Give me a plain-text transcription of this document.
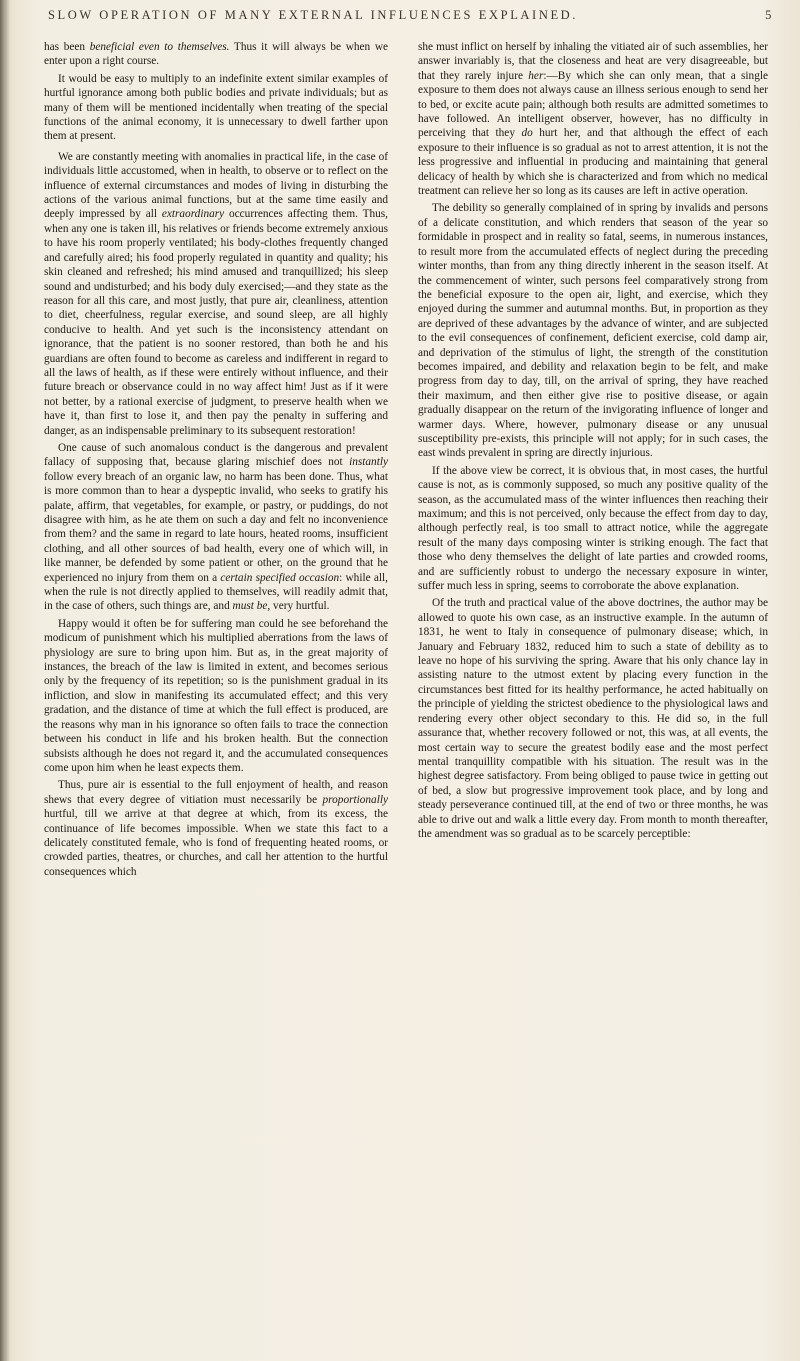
SLOW OPERATION OF MANY EXTERNAL INFLUENCES EXPLAINED.	5

has been beneficial even to themselves. Thus it will always be when we enter upon a right course.

It would be easy to multiply to an indefinite extent similar examples of hurtful ignorance among both public bodies and private individuals; but as many of them will be mentioned incidentally when treating of the special functions of the animal economy, it is unnecessary to dwell farther upon them at present.

We are constantly meeting with anomalies in practical life, in the case of individuals little accustomed, when in health, to observe or to reflect on the influence of external circumstances and modes of living in disturbing the actions of the various animal functions, but at the same time easily and deeply impressed by all extraordinary occurrences affecting them. Thus, when any one is taken ill, his relatives or friends become extremely anxious to have his room properly ventilated; his body-clothes frequently changed and carefully aired; his food properly regulated in quantity and quality; his skin cleaned and refreshed; his mind amused and tranquillized; his sleep sound and undisturbed; and his body duly exercised;—and they state as the reason for all this care, and most justly, that pure air, cleanliness, attention to diet, cheerfulness, regular exercise, and sound sleep, are all highly conducive to health. And yet such is the inconsistency attendant on ignorance, that the patient is no sooner restored, than both he and his guardians are often found to become as careless and indifferent in regard to all the laws of health, as if these were entirely without influence, and their future breach or observance could in no way affect him! Just as if it were not better, by a rational exercise of judgment, to preserve health when we have it, than first to lose it, and then pay the penalty in suffering and danger, as an indispensable preliminary to its subsequent restoration!

One cause of such anomalous conduct is the dangerous and prevalent fallacy of supposing that, because glaring mischief does not instantly follow every breach of an organic law, no harm has been done. Thus, what is more common than to hear a dyspeptic invalid, who seeks to gratify his palate, affirm, that vegetables, for example, or pastry, or puddings, do not disagree with him, as he ate them on such a day and felt no inconvenience from them? and the same in regard to late hours, heated rooms, insufficient clothing, and all other sources of bad health, every one of which will, in like manner, be defended by some patient or other, on the ground that he experienced no injury from them on a certain specified occasion: while all, when the rule is not directly applied to themselves, will readily admit that, in the case of others, such things are, and must be, very hurtful.

Happy would it often be for suffering man could he see beforehand the modicum of punishment which his multiplied aberrations from the laws of physiology are sure to bring upon him. But as, in the great majority of instances, the breach of the law is limited in extent, and becomes serious only by the frequency of its repetition; so is the punishment gradual in its infliction, and slow in manifesting its accumulated effect; and this very gradation, and the distance of time at which the full effect is produced, are the reasons why man in his ignorance so often fails to trace the connection between his conduct in life and his broken health. But the connection subsists although he does not regard it, and the accumulated consequences come upon him when he least expects them.

Thus, pure air is essential to the full enjoyment of health, and reason shews that every degree of vitiation must necessarily be proportionally hurtful, till we arrive at that degree at which, from its excess, the continuance of life becomes impossible. When we state this fact to a delicately constituted female, who is fond of frequenting heated rooms, or crowded parties, theatres, or churches, and call her attention to the hurtful consequences which

she must inflict on herself by inhaling the vitiated air of such assemblies, her answer invariably is, that the closeness and heat are very disagreeable, but that they rarely injure her:—By which she can only mean, that a single exposure to them does not always cause an illness serious enough to send her to bed, or excite acute pain; although both results are admitted sometimes to have followed. An intelligent observer, however, has no difficulty in perceiving that they do hurt her, and that although the effect of each exposure to their influence is so gradual as not to arrest attention, it is not the less progressive and influential in producing and maintaining that general delicacy of health by which she is characterized and from which no medical treatment can relieve her so long as its causes are left in active operation.

The debility so generally complained of in spring by invalids and persons of a delicate constitution, and which renders that season of the year so formidable in prospect and in reality so fatal, seems, in numerous instances, to result more from the accumulated effects of neglect during the preceding winter months, than from any thing directly inherent in the season itself. At the commencement of winter, such persons feel comparatively strong from the beneficial exposure to the open air, light, and exercise, which they enjoyed during the summer and autumnal months. But, in proportion as they are deprived of these advantages by the advance of winter, and are subjected to the evil consequences of confinement, deficient exercise, cold damp air, and deprivation of the stimulus of light, the strength of the constitution becomes impaired, and debility and relaxation begin to be felt, and make progress from day to day, till, on the arrival of spring, they have reached their maximum, and then either give rise to positive disease, or again gradually disappear on the return of the invigorating influence of longer and warmer days. Where, however, pulmonary disease or any unusual susceptibility pre-exists, this principle will not apply; for in such cases, the east winds prevalent in spring are directly injurious.

If the above view be correct, it is obvious that, in most cases, the hurtful cause is not, as is commonly supposed, so much any positive quality of the season, as the accumulated mass of the winter influences then reaching their maximum; and this is not perceived, only because the effect from day to day, although perfectly real, is too small to attract notice, while the aggregate result of the many days composing winter is striking enough. The fact that those who deny themselves the delight of late parties and crowded rooms, and are sufficiently robust to undergo the necessary exposure in winter, suffer much less in spring, seems to corroborate the above explanation.

Of the truth and practical value of the above doctrines, the author may be allowed to quote his own case, as an instructive example. In the autumn of 1831, he went to Italy in consequence of pulmonary disease; which, in January and February 1832, reduced him to such a state of debility as to leave no hope of his surviving the spring. Aware that his only chance lay in assisting nature to the utmost extent by placing every function in the circumstances best fitted for its healthy performance, he acted habitually on the principle of yielding the strictest obedience to the physiological laws and rendering every other object secondary to this. He did so, in the full assurance that, whether recovery followed or not, this was, at all events, the most certain way to secure the greatest bodily ease and the most perfect mental tranquillity compatible with his situation. The result was in the highest degree satisfactory. From being obliged to pause twice in getting out of bed, a slow but progressive improvement took place, and by long and steady perseverance continued till, at the end of two or three months, he was able to drive out and walk a little every day. From month to month thereafter, the amendment was so gradual as to be scarcely perceptible:
